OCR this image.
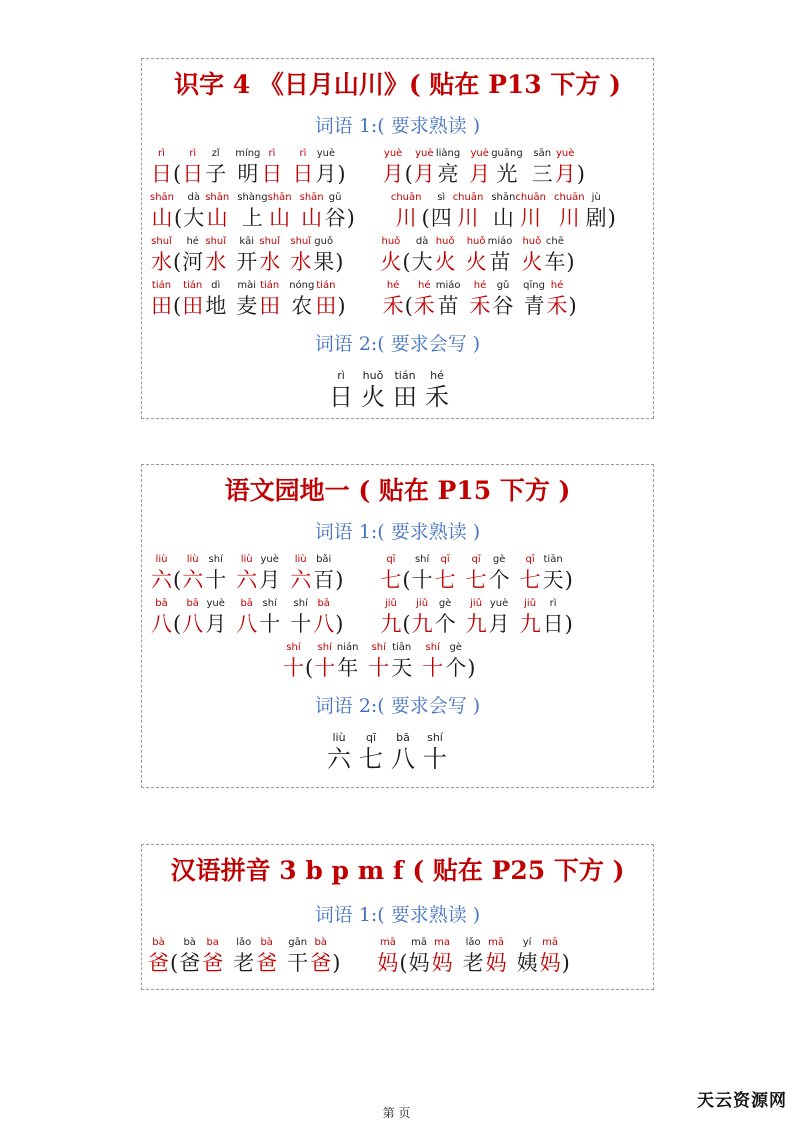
识字 4 《日月山川》( 贴在 P13 下方 )
词语 1:( 要求熟读 )
rì
日 (
rì
日
zǐ
子
míng
明
rì
日
rì
日
yuè
月 )
yuè
月 (
yuè
月
liàng
亮
yuè
月
guāng
光
sān
三
yuè
月 )
shān
山 (
dà
大
shān
山
shàng
上
shān
山
shān
山
gǔ
谷 )
chuān
川 (
sì
四
chuān
川
shān
山
chuān
川
chuān
川
jù
剧 )
shuǐ
水 (
hé
河
shuǐ
水
kāi
开
shuǐ
水
shuǐ
水
guǒ
果 )
huǒ
火 (
dà
大
huǒ
火
huǒ
火
miáo
苗
huǒ
火
chē
车 )
tián
田 (
tián
田
dì
地
mài
麦
tián
田
nóng
农
tián
田 )
hé
禾 (
hé
禾
miáo
苗
hé
禾
gǔ
谷
qīng
青
hé
禾 )
词语 2:( 要求会写 )
rì
日
huǒ
火
tián
田
hé
禾
语文园地一 ( 贴在 P15 下方 )
词语 1:( 要求熟读 )
liù
六 (
liù
六
shí
十
liù
六
yuè
月
liù
六
bǎi
百 )
qī
七 (
shí
十
qī
七
qī
七
gè
个
qī
七
tiān
天 )
bā
八 (
bā
八
yuè
月
bā
八
shí
十
shí
十
bā
八 )
jiǔ
九 (
jiǔ
九
gè
个
jiǔ
九
yuè
月
jiǔ
九
rì
日 )
shí
十 (
shí
十
nián
年
shí
十
tiān
天
shí
十
gè
个 )
词语 2:( 要求会写 )
liù
六
qī
七
bā
八
shí
十
汉语拼音 3 b p m f ( 贴在 P25 下方 )
词语 1:( 要求熟读 )
bà
爸 (
bà
爸
ba
爸
lǎo
老
bà
爸
gān
干
bà
爸 )
mā
妈 (
mā
妈
ma
妈
lǎo
老
mā
妈
yí
姨
mā
妈 )
第 页
天云资源网
